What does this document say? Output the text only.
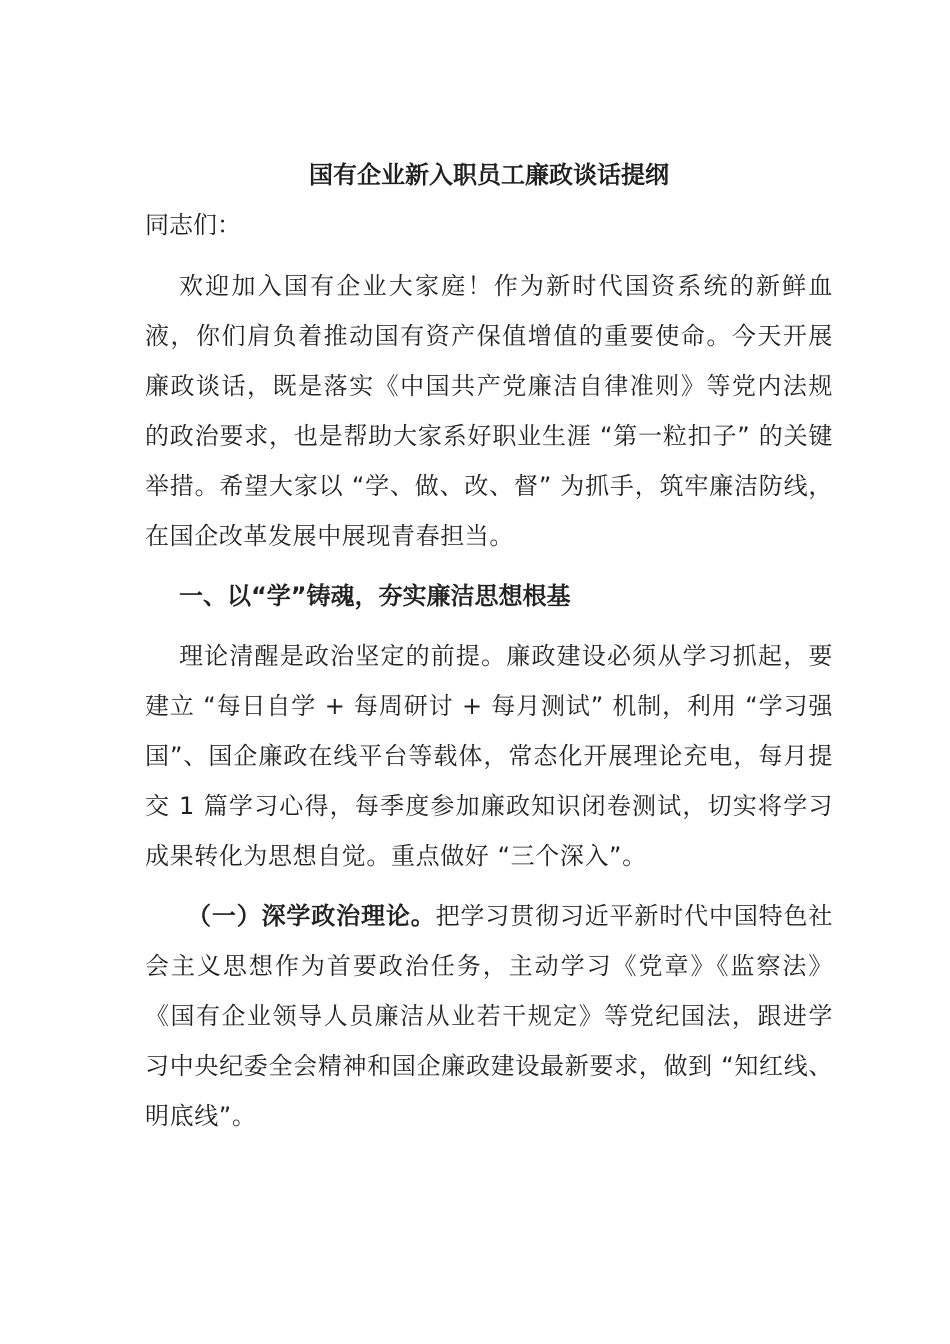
国有企业新入职员工廉政谈话提纲

同志们：

欢迎加入国有企业大家庭！作为新时代国资系统的新鲜血液，你们肩负着推动国有资产保值增值的重要使命。今天开展廉政谈话，既是落实《中国共产党廉洁自律准则》等党内法规的政治要求，也是帮助大家系好职业生涯 “第一粒扣子” 的关键举措。希望大家以 “学、做、改、督” 为抓手，筑牢廉洁防线，在国企改革发展中展现青春担当。

一、以“学”铸魂，夯实廉洁思想根基

理论清醒是政治坚定的前提。廉政建设必须从学习抓起，要建立 “每日自学 + 每周研讨 + 每月测试” 机制，利用 “学习强国”、国企廉政在线平台等载体，常态化开展理论充电，每月提交 1 篇学习心得，每季度参加廉政知识闭卷测试，切实将学习成果转化为思想自觉。重点做好 “三个深入”。

（一）深学政治理论。把学习贯彻习近平新时代中国特色社会主义思想作为首要政治任务，主动学习《党章》《监察法》《国有企业领导人员廉洁从业若干规定》等党纪国法，跟进学习中央纪委全会精神和国企廉政建设最新要求，做到 “知红线、明底线”。
